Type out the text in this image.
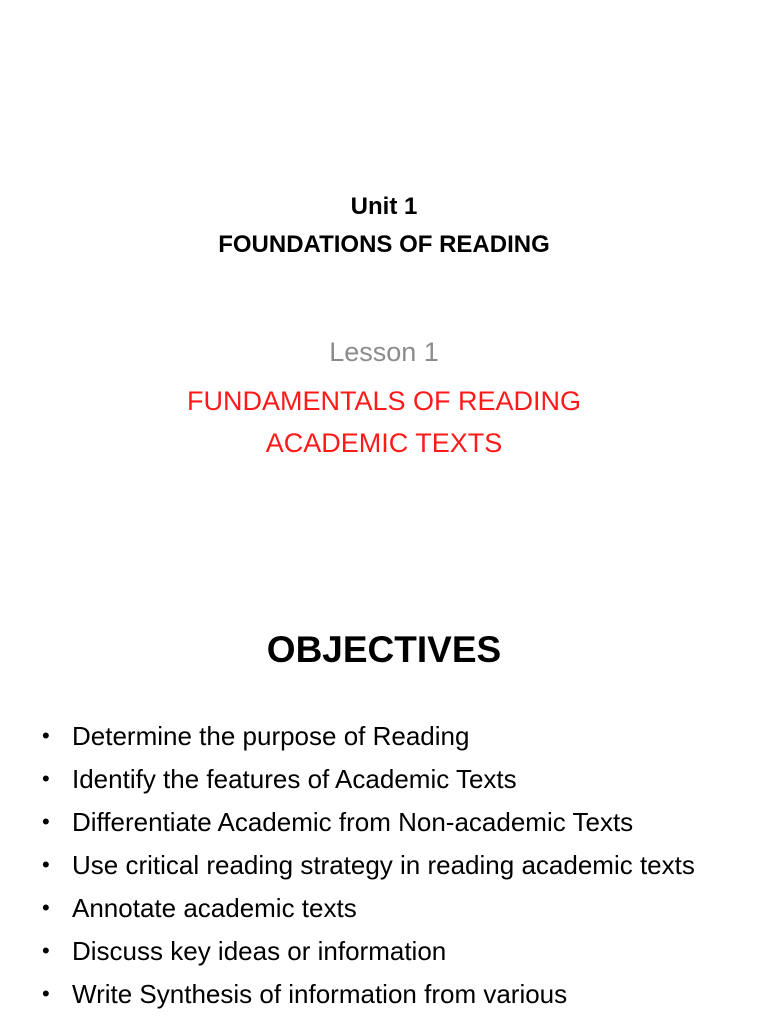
Unit 1
FOUNDATIONS OF READING
Lesson 1
FUNDAMENTALS OF READING
ACADEMIC TEXTS
OBJECTIVES
• Determine the purpose of Reading
• Identify the features of Academic Texts
• Differentiate Academic from Non-academic Texts
• Use critical reading strategy in reading academic texts
• Annotate academic texts
• Discuss key ideas or information
• Write Synthesis of information from various
